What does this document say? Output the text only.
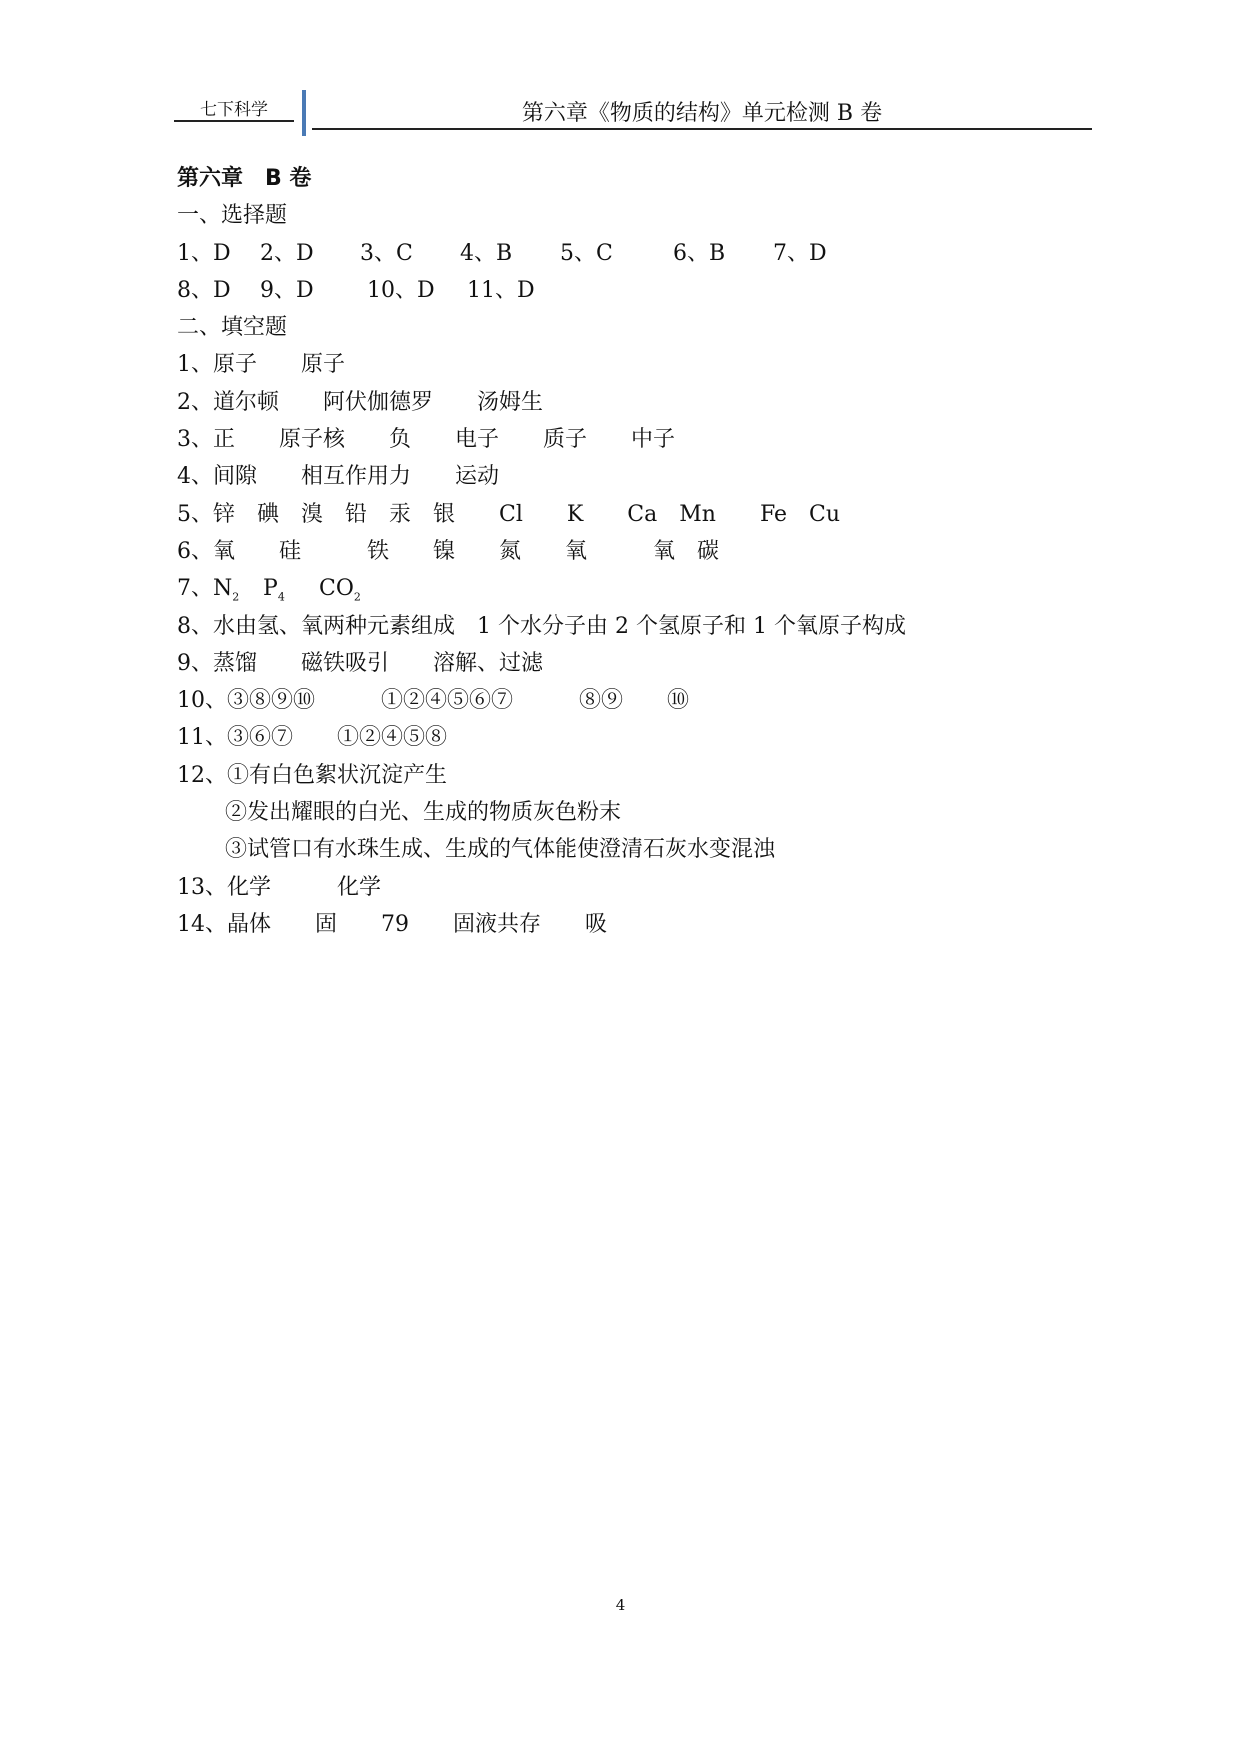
七下科学	第六章《物质的结构》单元检测 B 卷
第六章　B 卷
一、选择题
1、D 2、D 3、C 4、B 5、C	6、B 7、D
8、D 9、D 10、D 11、D
二、填空题
1、原子　　原子
2、道尔顿　　阿伏伽德罗　　汤姆生
3、正　　原子核　　负　　电子　　质子　　中子
4、间隙　　相互作用力　　运动
5、锌　碘　溴　铅　汞　银　　Cl　　K　　Ca　Mn　　Fe　Cu
6、氧　　硅　　　铁　　镍　　氮　　氧　　　氧　碳
7、 $N_2$ $P_4$ $CO_2$
8、水由氢、氧两种元素组成　1 个水分子由 2 个氢原子和 1 个氧原子构成
9、蒸馏　　磁铁吸引　　溶解、过滤
10、③⑧⑨⑩　　　①②④⑤⑥⑦　　　⑧⑨　　⑩
11、③⑥⑦　　①②④⑤⑧
12、①有白色絮状沉淀产生
②发出耀眼的白光、生成的物质灰色粉末
③试管口有水珠生成、生成的气体能使澄清石灰水变混浊
13、化学　　　化学
14、晶体　　固　　79　　固液共存　　吸
4
